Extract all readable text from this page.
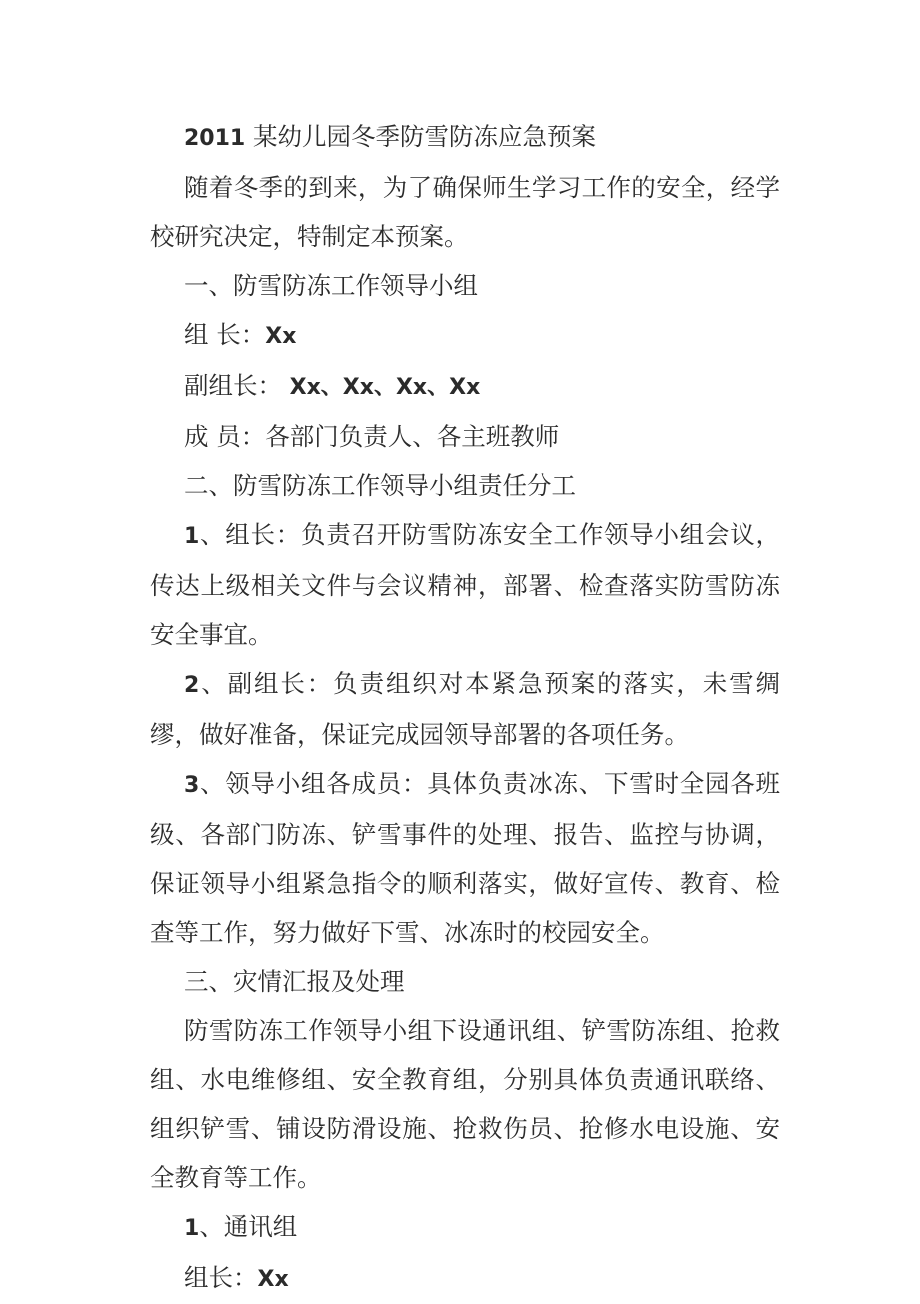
2011 某幼儿园冬季防雪防冻应急预案

随着冬季的到来，为了确保师生学习工作的安全，经学校研究决定，特制定本预案。

一、防雪防冻工作领导小组

组 长：Xx

副组长： Xx、Xx、Xx、Xx

成 员：各部门负责人、各主班教师

二、防雪防冻工作领导小组责任分工

1、组长：负责召开防雪防冻安全工作领导小组会议，传达上级相关文件与会议精神，部署、检查落实防雪防冻安全事宜。

2、副组长：负责组织对本紧急预案的落实，未雪绸缪，做好准备，保证完成园领导部署的各项任务。

3、领导小组各成员：具体负责冰冻、下雪时全园各班级、各部门防冻、铲雪事件的处理、报告、监控与协调，保证领导小组紧急指令的顺利落实，做好宣传、教育、检查等工作，努力做好下雪、冰冻时的校园安全。

三、灾情汇报及处理

防雪防冻工作领导小组下设通讯组、铲雪防冻组、抢救组、水电维修组、安全教育组，分别具体负责通讯联络、组织铲雪、铺设防滑设施、抢救伤员、抢修水电设施、安全教育等工作。

1、通讯组

组长：Xx
